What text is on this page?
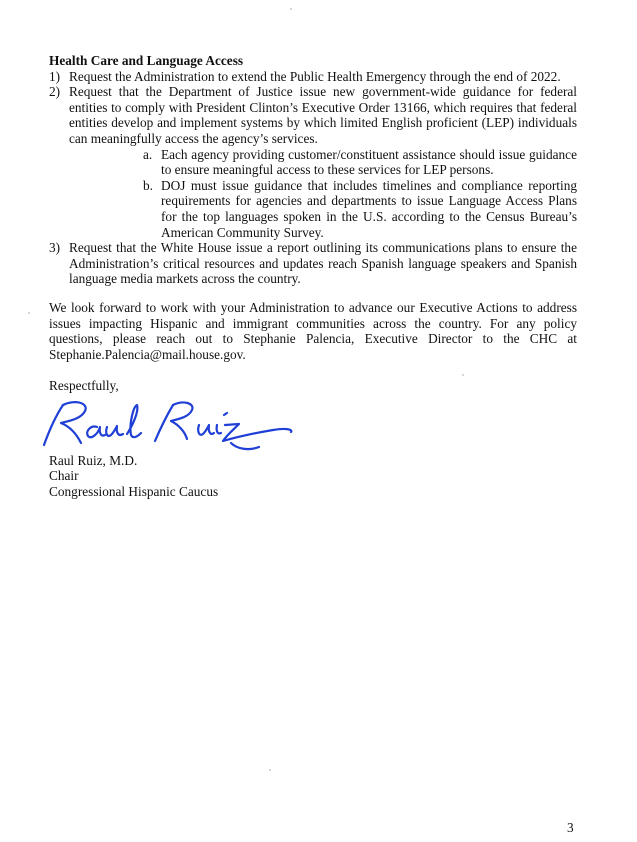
Health Care and Language Access

1) Request the Administration to extend the Public Health Emergency through the end of 2022.
2) Request that the Department of Justice issue new government-wide guidance for federal entities to comply with President Clinton’s Executive Order 13166, which requires that federal entities develop and implement systems by which limited English proficient (LEP) individuals can meaningfully access the agency’s services.
a. Each agency providing customer/constituent assistance should issue guidance to ensure meaningful access to these services for LEP persons.
b. DOJ must issue guidance that includes timelines and compliance reporting requirements for agencies and departments to issue Language Access Plans for the top languages spoken in the U.S. according to the Census Bureau’s American Community Survey.
3) Request that the White House issue a report outlining its communications plans to ensure the Administration’s critical resources and updates reach Spanish language speakers and Spanish language media markets across the country.

We look forward to work with your Administration to advance our Executive Actions to address issues impacting Hispanic and immigrant communities across the country. For any policy questions, please reach out to Stephanie Palencia, Executive Director to the CHC at Stephanie.Palencia@mail.house.gov.

Respectfully,

Raul Ruiz, M.D.
Chair
Congressional Hispanic Caucus
3
